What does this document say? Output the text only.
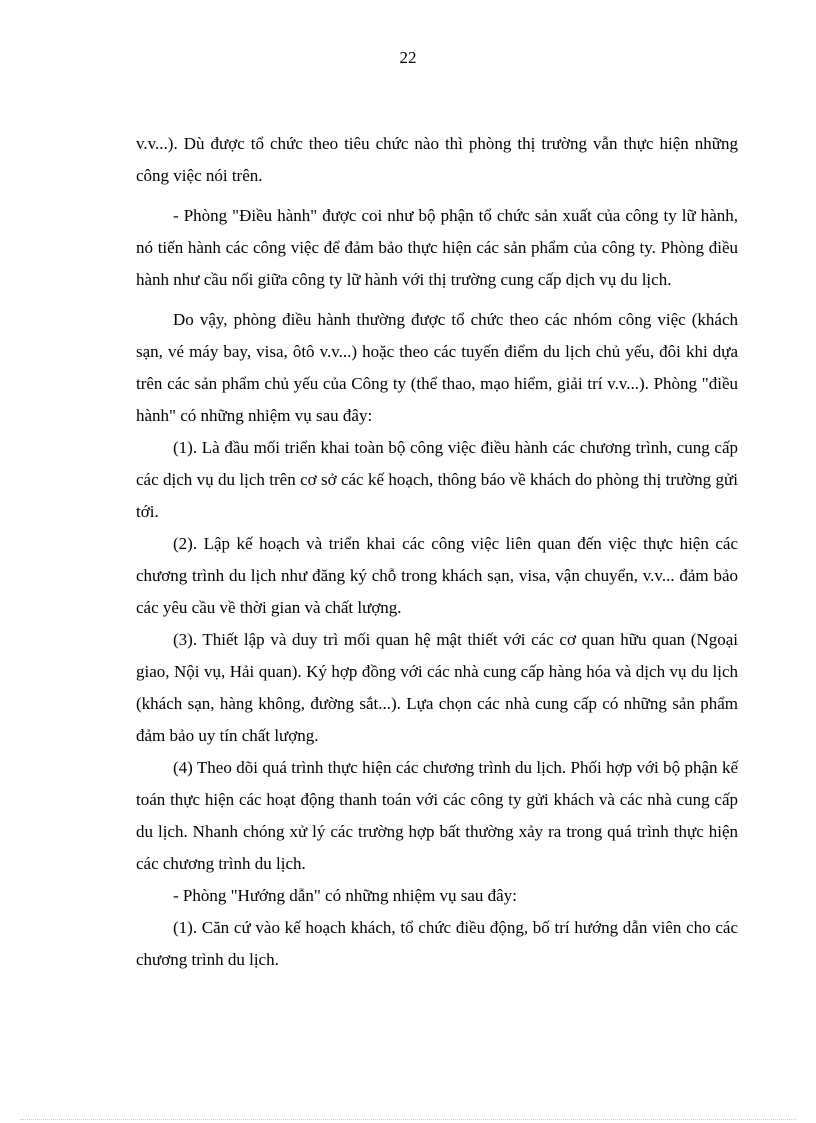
22

v.v...). Dù được tổ chức theo tiêu chức nào thì phòng thị trường vẫn thực hiện những công việc nói trên.

- Phòng "Điều hành" được coi như bộ phận tổ chức sản xuất của công ty lữ hành, nó tiến hành các công việc để đảm bảo thực hiện các sản phẩm của công ty. Phòng điều hành như cầu nối giữa công ty lữ hành với thị trường cung cấp dịch vụ du lịch.

Do vậy, phòng điều hành thường được tổ chức theo các nhóm công việc (khách sạn, vé máy bay, visa, ôtô v.v...) hoặc theo các tuyến điểm du lịch chủ yếu, đôi khi dựa trên các sản phẩm chủ yếu của Công ty (thể thao, mạo hiểm, giải trí v.v...). Phòng "điều hành" có những nhiệm vụ sau đây:

(1). Là đầu mối triển khai toàn bộ công việc điều hành các chương trình, cung cấp các dịch vụ du lịch trên cơ sở các kế hoạch, thông báo về khách do phòng thị trường gửi tới.

(2). Lập kế hoạch và triển khai các công việc liên quan đến việc thực hiện các chương trình du lịch như đăng ký chỗ trong khách sạn, visa, vận chuyển, v.v... đảm bảo các yêu cầu về thời gian và chất lượng.

(3). Thiết lập và duy trì mối quan hệ mật thiết với các cơ quan hữu quan (Ngoại giao, Nội vụ, Hải quan). Ký hợp đồng với các nhà cung cấp hàng hóa và dịch vụ du lịch (khách sạn, hàng không, đường sắt...). Lựa chọn các nhà cung cấp có những sản phẩm đảm bảo uy tín chất lượng.

(4) Theo dõi quá trình thực hiện các chương trình du lịch. Phối hợp với bộ phận kế toán thực hiện các hoạt động thanh toán với các công ty gửi khách và các nhà cung cấp du lịch. Nhanh chóng xử lý các trường hợp bất thường xảy ra trong quá trình thực hiện các chương trình du lịch.

- Phòng "Hướng dẫn" có những nhiệm vụ sau đây:

(1). Căn cứ vào kế hoạch khách, tổ chức điều động, bố trí hướng dẫn viên cho các chương trình du lịch.
